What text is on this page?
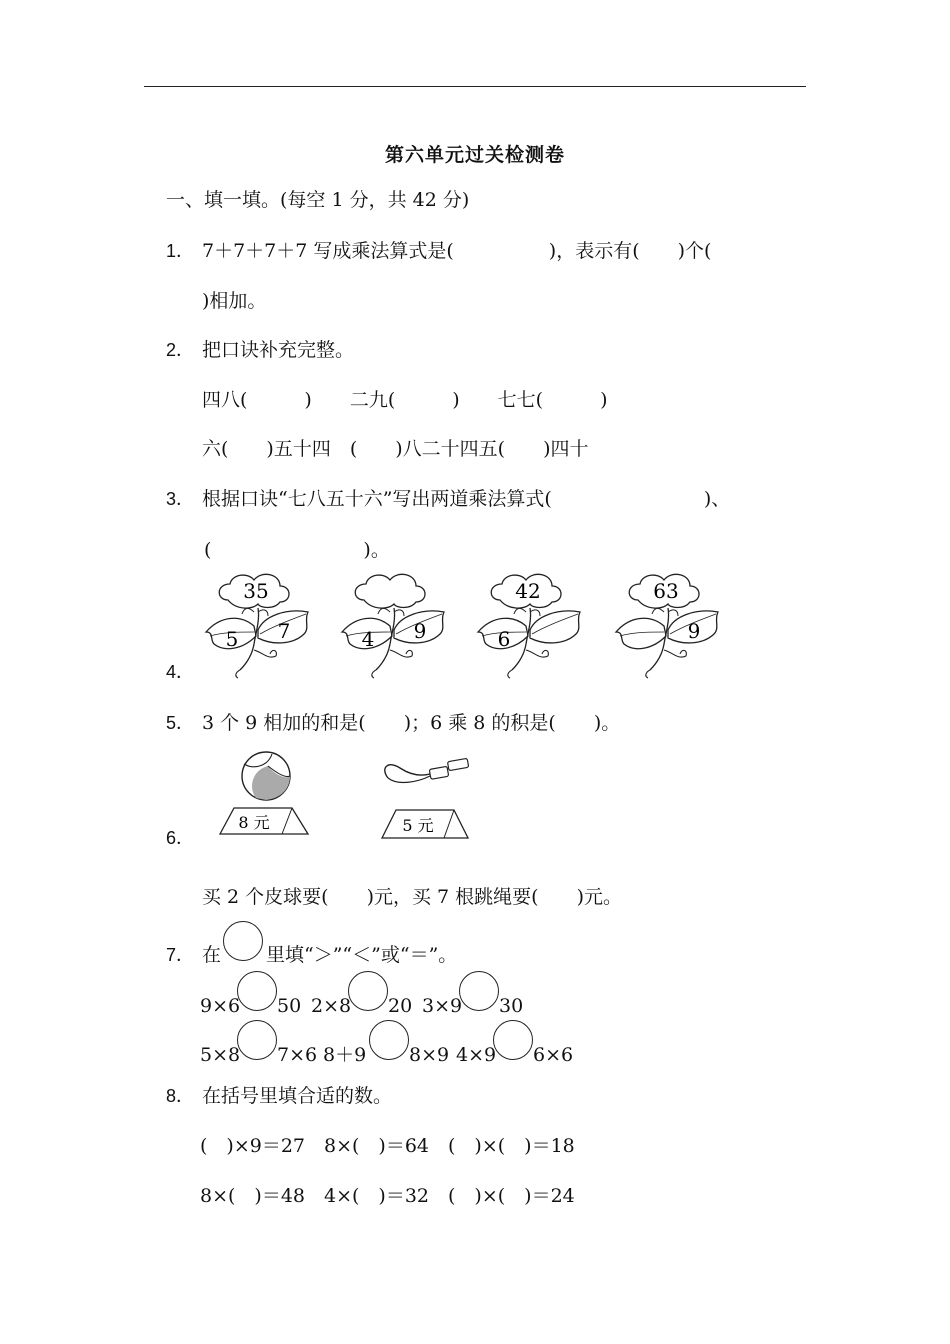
第六单元过关检测卷
一、填一填。(每空 1 分，共 42 分)
1． 7＋7＋7＋7 写成乘法算式是(　　　　　)，表示有(　　)个(
)相加。
2． 把口诀补充完整。
四八(　　　)　　二九(　　　)　　七七(　　　)
六(　　)五十四　(　　)八二十四五(　　)四十
3． 根据口诀“七八五十六”写出两道乘法算式(　　　　　　　　)、
(　　　　　　　　)。
4．
35
5 7	4 9
42
6
63
9
5． 3 个 9 相加的和是(　　)；6 乘 8 的积是(　　)。
6．
8 元	5 元
买 2 个皮球要(　　)元，买 7 根跳绳要(　　)元。
7． 在 里填“＞”“＜”或“＝”。
9×6 50 2×8 20 3×9 30
5×8 7×6 8＋9 8×9 4×9 6×6
8． 在括号里填合适的数。
(　)×9＝27　8×(　)＝64　(　)×(　)＝18
8×(　)＝48　4×(　)＝32　(　)×(　)＝24
